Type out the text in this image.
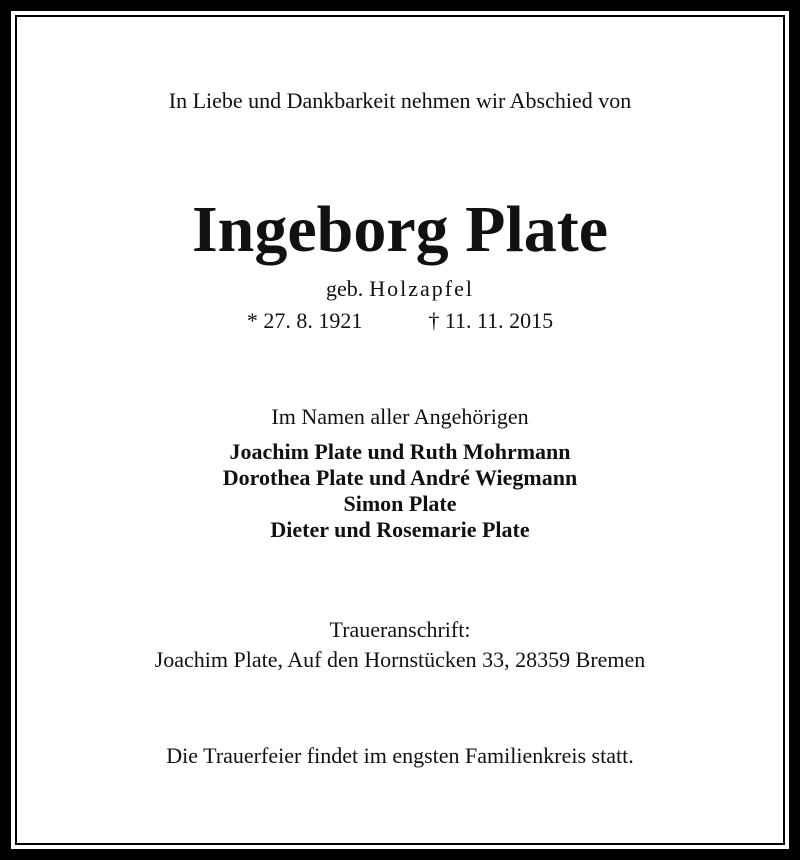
In Liebe und Dankbarkeit nehmen wir Abschied von
Ingeborg Plate
geb. Holzapfel
* 27. 8. 1921	† 11. 11. 2015
Im Namen aller Angehörigen
Joachim Plate und Ruth Mohrmann
Dorothea Plate und André Wiegmann
Simon Plate
Dieter und Rosemarie Plate
Traueranschrift:
Joachim Plate, Auf den Hornstücken 33, 28359 Bremen
Die Trauerfeier findet im engsten Familienkreis statt.
